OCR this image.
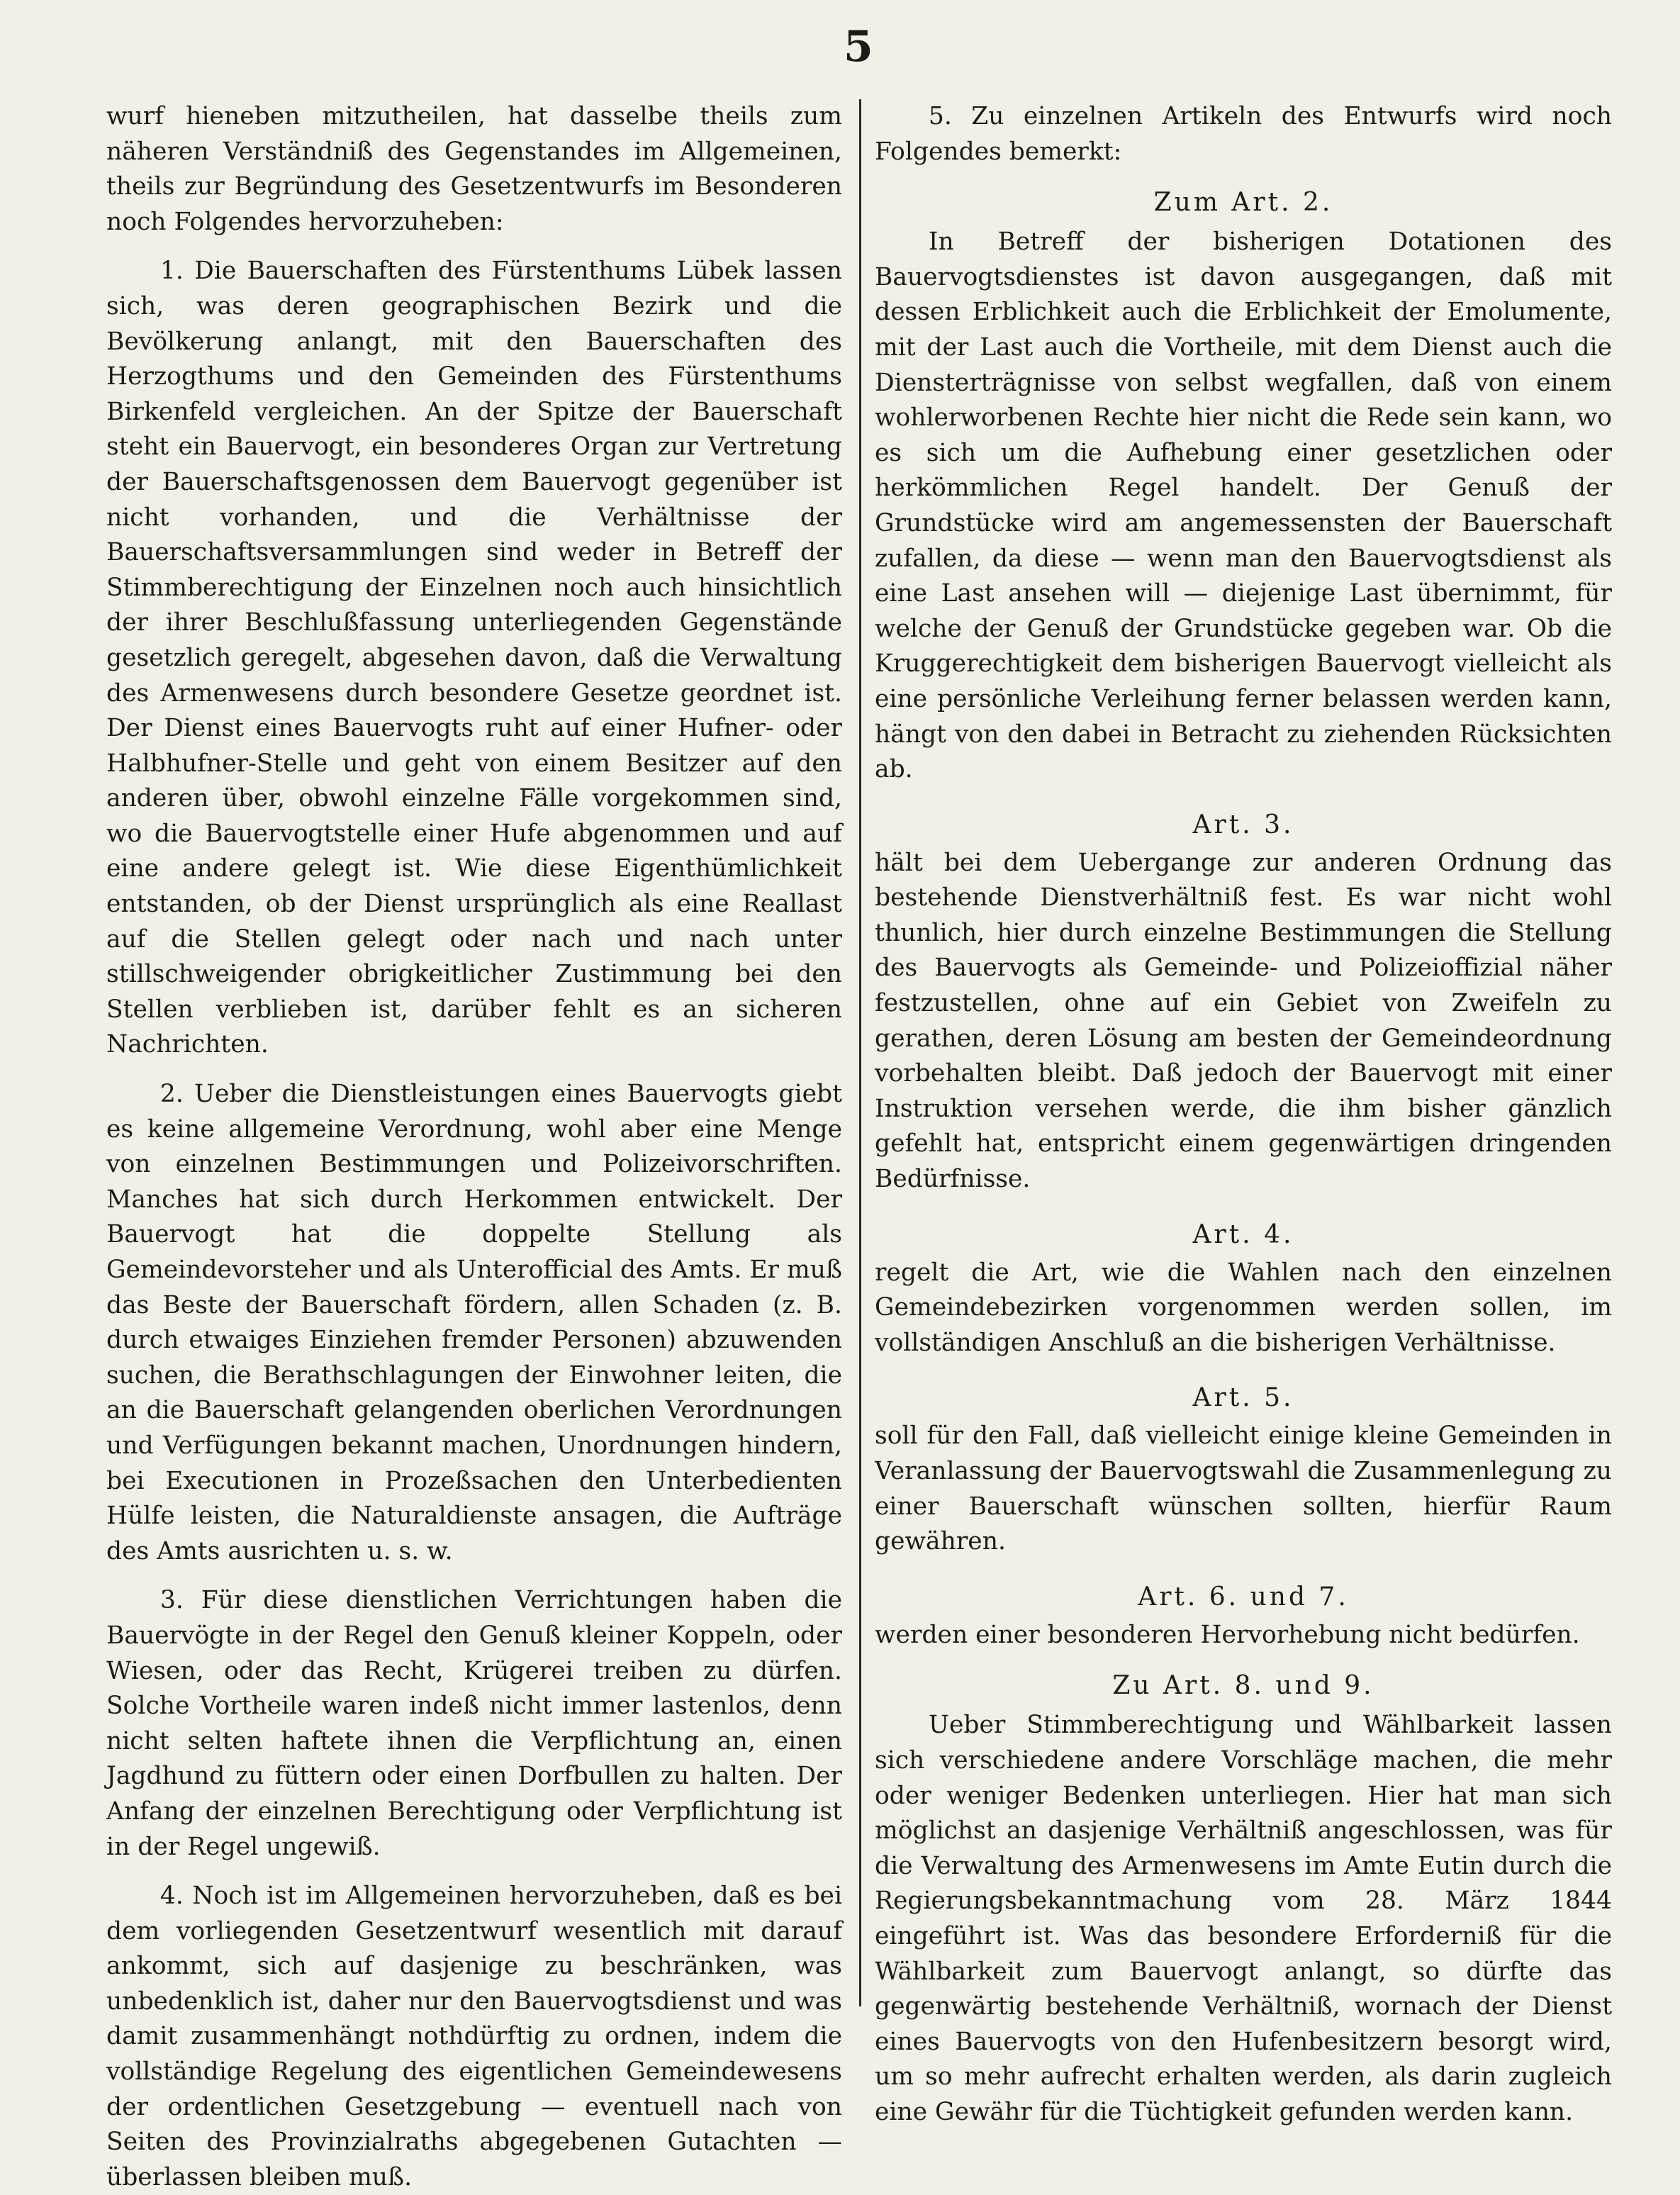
5

wurf hieneben mitzutheilen, hat dasselbe theils zum näheren Verständniß des Gegenstandes im Allgemeinen, theils zur Begründung des Gesetzentwurfs im Besonderen noch Folgendes hervorzuheben:

1. Die Bauerschaften des Fürstenthums Lübek lassen sich, was deren geographischen Bezirk und die Bevölkerung anlangt, mit den Bauerschaften des Herzogthums und den Gemeinden des Fürstenthums Birkenfeld vergleichen. An der Spitze der Bauerschaft steht ein Bauervogt, ein besonderes Organ zur Vertretung der Bauerschaftsgenossen dem Bauervogt gegenüber ist nicht vorhanden, und die Verhältnisse der Bauerschaftsversammlungen sind weder in Betreff der Stimmberechtigung der Einzelnen noch auch hinsichtlich der ihrer Beschlußfassung unterliegenden Gegenstände gesetzlich geregelt, abgesehen davon, daß die Verwaltung des Armenwesens durch besondere Gesetze geordnet ist. Der Dienst eines Bauervogts ruht auf einer Hufner- oder Halbhufner-Stelle und geht von einem Besitzer auf den anderen über, obwohl einzelne Fälle vorgekommen sind, wo die Bauervogtstelle einer Hufe abgenommen und auf eine andere gelegt ist. Wie diese Eigenthümlichkeit entstanden, ob der Dienst ursprünglich als eine Reallast auf die Stellen gelegt oder nach und nach unter stillschweigender obrigkeitlicher Zustimmung bei den Stellen verblieben ist, darüber fehlt es an sicheren Nachrichten.

2. Ueber die Dienstleistungen eines Bauervogts giebt es keine allgemeine Verordnung, wohl aber eine Menge von einzelnen Bestimmungen und Polizeivorschriften. Manches hat sich durch Herkommen entwickelt. Der Bauervogt hat die doppelte Stellung als Gemeindevorsteher und als Unterofficial des Amts. Er muß das Beste der Bauerschaft fördern, allen Schaden (z. B. durch etwaiges Einziehen fremder Personen) abzuwenden suchen, die Berathschlagungen der Einwohner leiten, die an die Bauerschaft gelangenden oberlichen Verordnungen und Verfügungen bekannt machen, Unordnungen hindern, bei Executionen in Prozeßsachen den Unterbedienten Hülfe leisten, die Naturaldienste ansagen, die Aufträge des Amts ausrichten u. s. w.

3. Für diese dienstlichen Verrichtungen haben die Bauervögte in der Regel den Genuß kleiner Koppeln, oder Wiesen, oder das Recht, Krügerei treiben zu dürfen. Solche Vortheile waren indeß nicht immer lastenlos, denn nicht selten haftete ihnen die Verpflichtung an, einen Jagdhund zu füttern oder einen Dorfbullen zu halten. Der Anfang der einzelnen Berechtigung oder Verpflichtung ist in der Regel ungewiß.

4. Noch ist im Allgemeinen hervorzuheben, daß es bei dem vorliegenden Gesetzentwurf wesentlich mit darauf ankommt, sich auf dasjenige zu beschränken, was unbedenklich ist, daher nur den Bauervogtsdienst und was damit zusammenhängt nothdürftig zu ordnen, indem die vollständige Regelung des eigentlichen Gemeindewesens der ordentlichen Gesetzgebung — eventuell nach von Seiten des Provinzialraths abgegebenen Gutachten — überlassen bleiben muß.

5. Zu einzelnen Artikeln des Entwurfs wird noch Folgendes bemerkt:

Zum Art. 2.

In Betreff der bisherigen Dotationen des Bauervogtsdienstes ist davon ausgegangen, daß mit dessen Erblichkeit auch die Erblichkeit der Emolumente, mit der Last auch die Vortheile, mit dem Dienst auch die Diensterträgnisse von selbst wegfallen, daß von einem wohlerworbenen Rechte hier nicht die Rede sein kann, wo es sich um die Aufhebung einer gesetzlichen oder herkömmlichen Regel handelt. Der Genuß der Grundstücke wird am angemessensten der Bauerschaft zufallen, da diese — wenn man den Bauervogtsdienst als eine Last ansehen will — diejenige Last übernimmt, für welche der Genuß der Grundstücke gegeben war. Ob die Kruggerechtigkeit dem bisherigen Bauervogt vielleicht als eine persönliche Verleihung ferner belassen werden kann, hängt von den dabei in Betracht zu ziehenden Rücksichten ab.

Art. 3.

hält bei dem Uebergange zur anderen Ordnung das bestehende Dienstverhältniß fest. Es war nicht wohl thunlich, hier durch einzelne Bestimmungen die Stellung des Bauervogts als Gemeinde- und Polizeioffizial näher festzustellen, ohne auf ein Gebiet von Zweifeln zu gerathen, deren Lösung am besten der Gemeindeordnung vorbehalten bleibt. Daß jedoch der Bauervogt mit einer Instruktion versehen werde, die ihm bisher gänzlich gefehlt hat, entspricht einem gegenwärtigen dringenden Bedürfnisse.

Art. 4.

regelt die Art, wie die Wahlen nach den einzelnen Gemeindebezirken vorgenommen werden sollen, im vollständigen Anschluß an die bisherigen Verhältnisse.

Art. 5.

soll für den Fall, daß vielleicht einige kleine Gemeinden in Veranlassung der Bauervogtswahl die Zusammenlegung zu einer Bauerschaft wünschen sollten, hierfür Raum gewähren.

Art. 6. und 7.

werden einer besonderen Hervorhebung nicht bedürfen.

Zu Art. 8. und 9.

Ueber Stimmberechtigung und Wählbarkeit lassen sich verschiedene andere Vorschläge machen, die mehr oder weniger Bedenken unterliegen. Hier hat man sich möglichst an dasjenige Verhältniß angeschlossen, was für die Verwaltung des Armenwesens im Amte Eutin durch die Regierungsbekanntmachung vom 28. März 1844 eingeführt ist. Was das besondere Erforderniß für die Wählbarkeit zum Bauervogt anlangt, so dürfte das gegenwärtig bestehende Verhältniß, wornach der Dienst eines Bauervogts von den Hufenbesitzern besorgt wird, um so mehr aufrecht erhalten werden, als darin zugleich eine Gewähr für die Tüchtigkeit gefunden werden kann.
